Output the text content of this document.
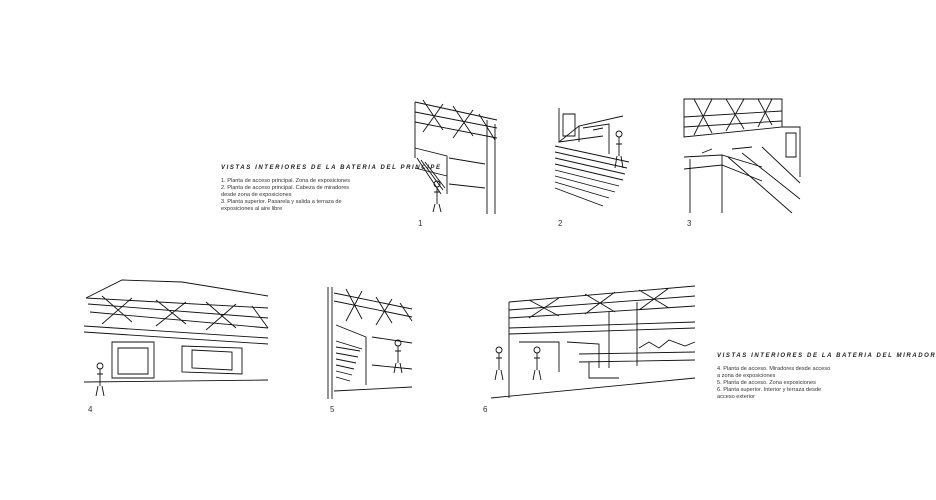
1	2	3
VISTAS INTERIORES DE LA BATERIA DEL PRINCIPE
1. Planta de acceso principal. Zona de exposiciones
2. Planta de acceso principal. Cabeza de miradores
desde zona de exposiciones
3. Planta superior. Pasarela y salida a terraza de
exposiciones al aire libre
4	5	6
VISTAS INTERIORES DE LA BATERIA DEL MIRADOR
4. Planta de acceso. Miradores desde acceso
a zona de exposiciones
5. Planta de acceso. Zona exposiciones
6. Planta superior. Interior y terraza desde
acceso exterior
